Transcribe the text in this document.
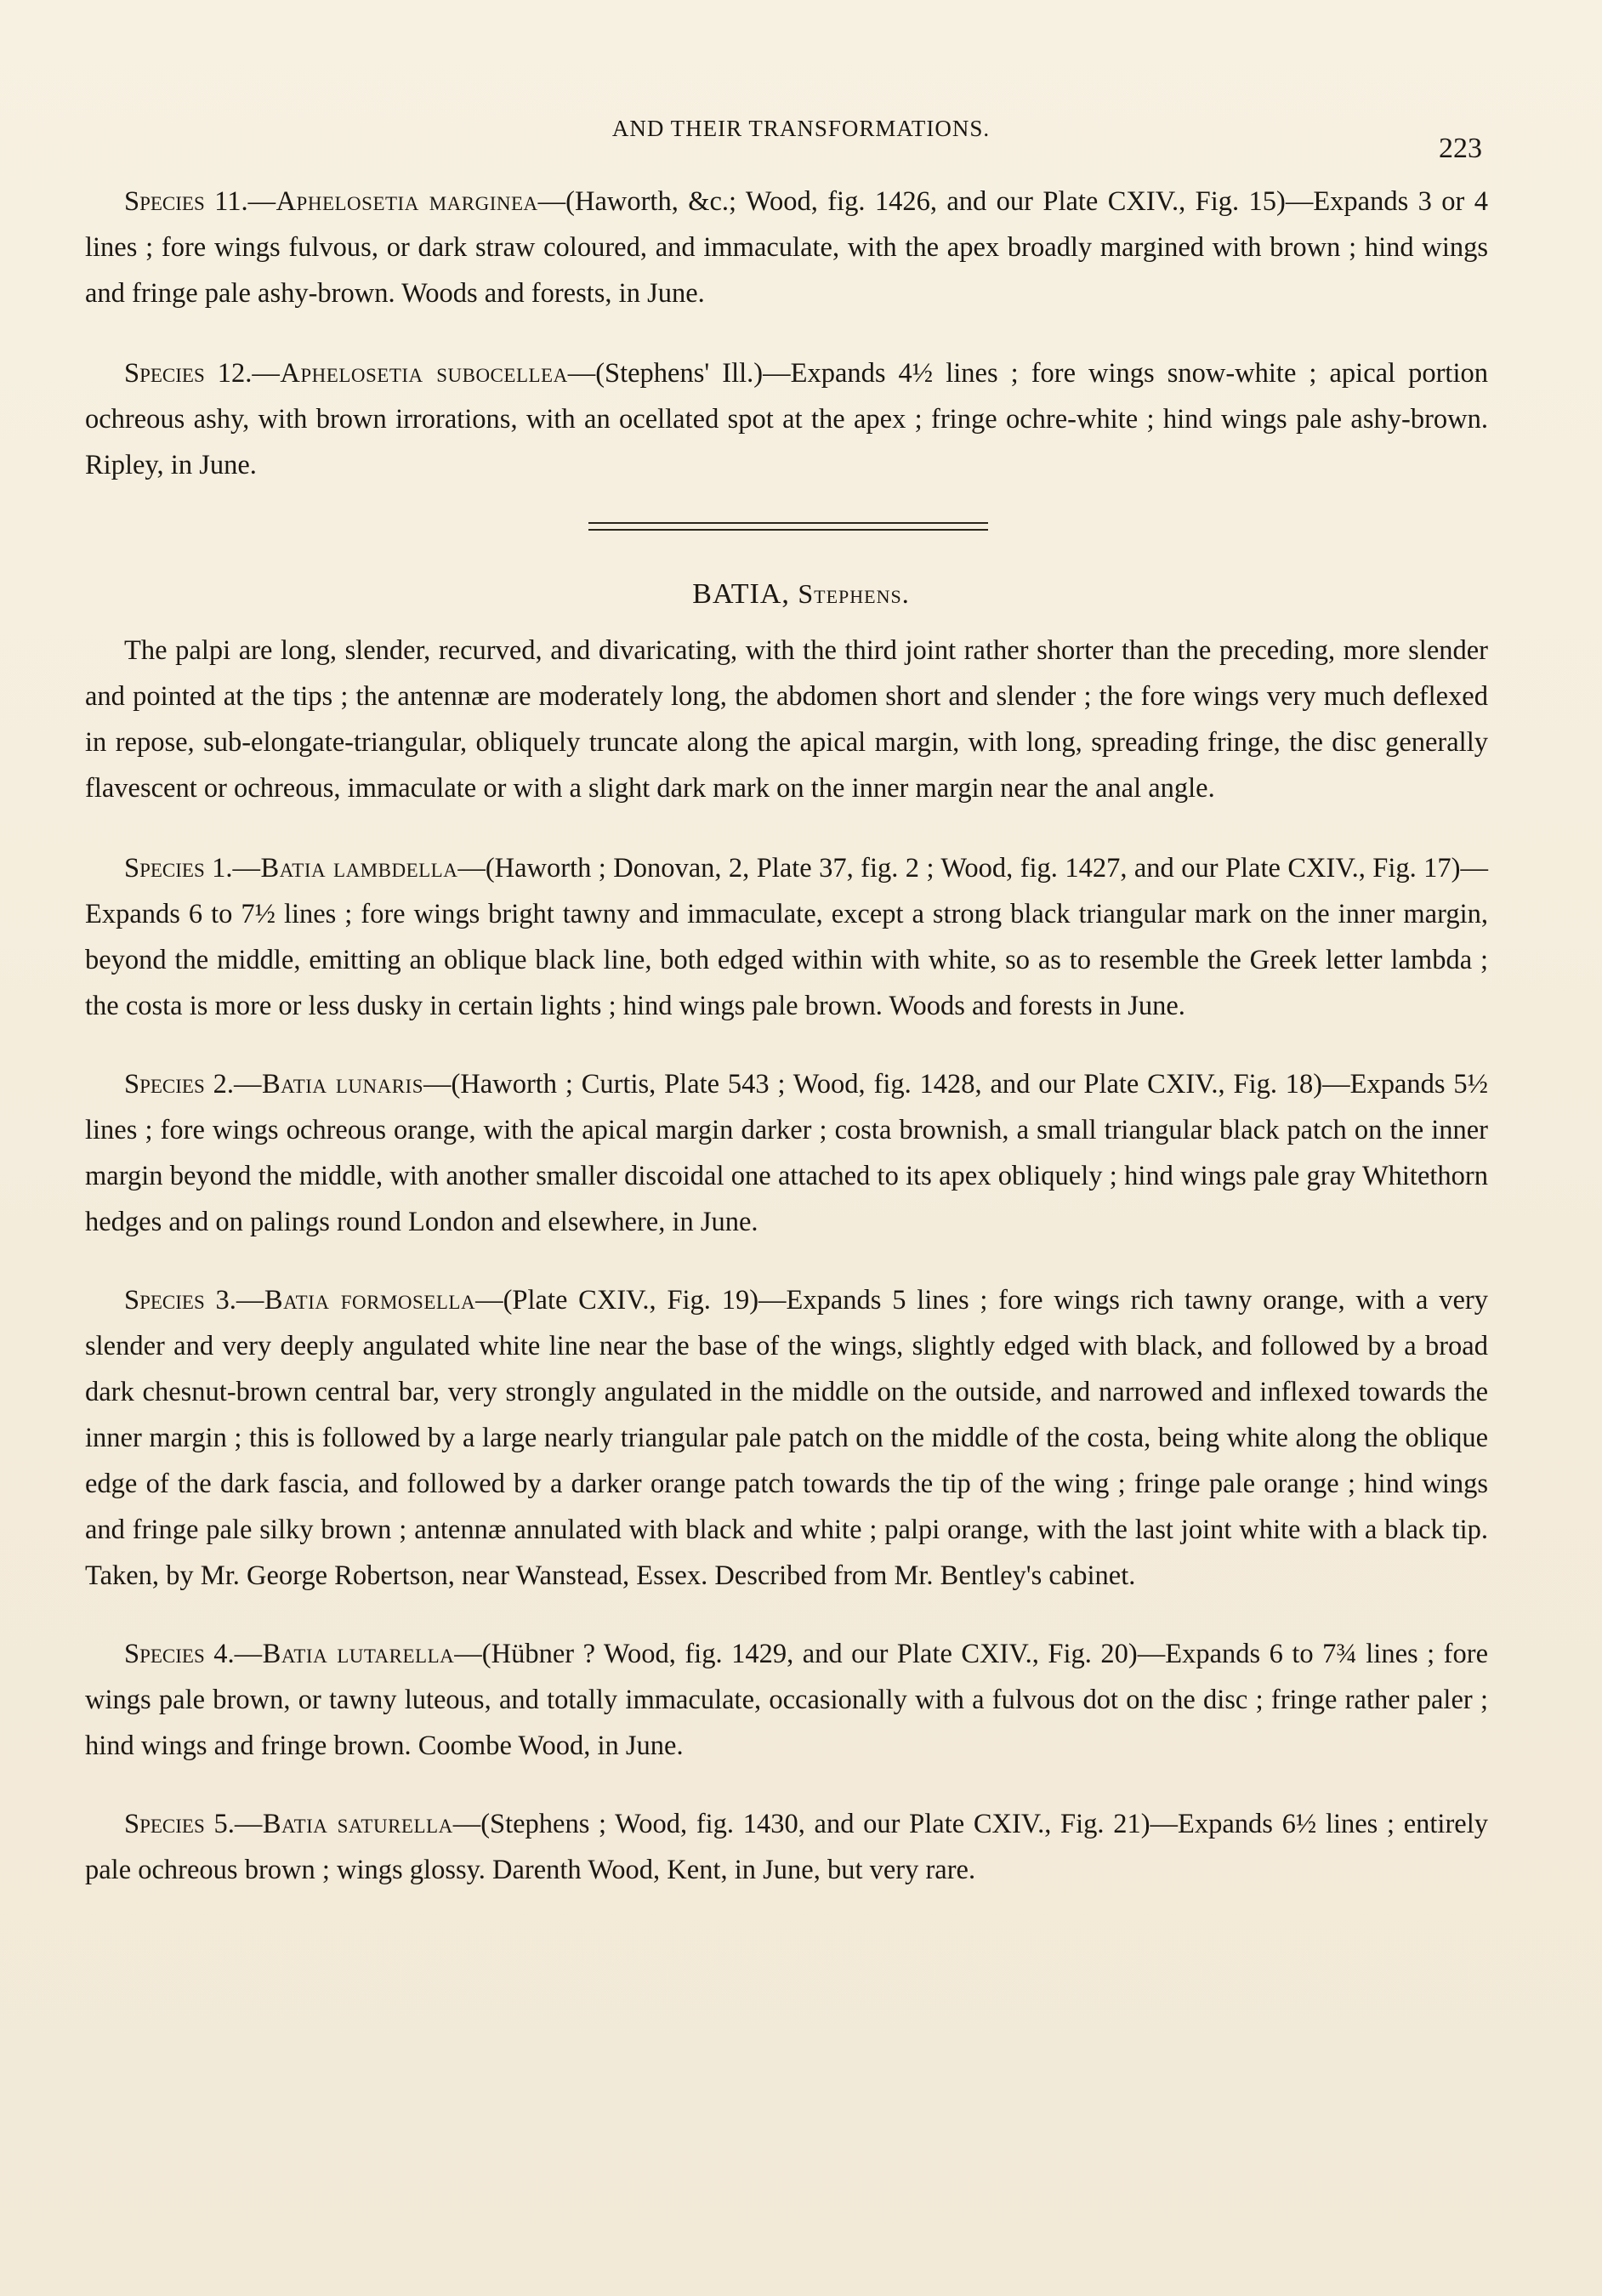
AND THEIR TRANSFORMATIONS.
223

Species 11.—Aphelosetia marginea—(Haworth, &c.; Wood, fig. 1426, and our Plate CXIV., Fig. 15)—Expands 3 or 4 lines ; fore wings fulvous, or dark straw coloured, and immaculate, with the apex broadly margined with brown ; hind wings and fringe pale ashy-brown. Woods and forests, in June.

Species 12.—Aphelosetia subocellea—(Stephens' Ill.)—Expands 4½ lines ; fore wings snow-white ; apical portion ochreous ashy, with brown irrorations, with an ocellated spot at the apex ; fringe ochre-white ; hind wings pale ashy-brown. Ripley, in June.

BATIA, Stephens.

The palpi are long, slender, recurved, and divaricating, with the third joint rather shorter than the preceding, more slender and pointed at the tips ; the antennæ are moderately long, the abdomen short and slender ; the fore wings very much deflexed in repose, sub-elongate-triangular, obliquely truncate along the apical margin, with long, spreading fringe, the disc generally flavescent or ochreous, immaculate or with a slight dark mark on the inner margin near the anal angle.

Species 1.—Batia lambdella—(Haworth ; Donovan, 2, Plate 37, fig. 2 ; Wood, fig. 1427, and our Plate CXIV., Fig. 17)—Expands 6 to 7½ lines ; fore wings bright tawny and immaculate, except a strong black triangular mark on the inner margin, beyond the middle, emitting an oblique black line, both edged within with white, so as to resemble the Greek letter lambda ; the costa is more or less dusky in certain lights ; hind wings pale brown. Woods and forests in June.

Species 2.—Batia lunaris—(Haworth ; Curtis, Plate 543 ; Wood, fig. 1428, and our Plate CXIV., Fig. 18)—Expands 5½ lines ; fore wings ochreous orange, with the apical margin darker ; costa brownish, a small triangular black patch on the inner margin beyond the middle, with another smaller discoidal one attached to its apex obliquely ; hind wings pale gray Whitethorn hedges and on palings round London and elsewhere, in June.

Species 3.—Batia formosella—(Plate CXIV., Fig. 19)—Expands 5 lines ; fore wings rich tawny orange, with a very slender and very deeply angulated white line near the base of the wings, slightly edged with black, and followed by a broad dark chesnut-brown central bar, very strongly angulated in the middle on the outside, and narrowed and inflexed towards the inner margin ; this is followed by a large nearly triangular pale patch on the middle of the costa, being white along the oblique edge of the dark fascia, and followed by a darker orange patch towards the tip of the wing ; fringe pale orange ; hind wings and fringe pale silky brown ; antennæ annulated with black and white ; palpi orange, with the last joint white with a black tip. Taken, by Mr. George Robertson, near Wanstead, Essex. Described from Mr. Bentley's cabinet.

Species 4.—Batia lutarella—(Hübner ? Wood, fig. 1429, and our Plate CXIV., Fig. 20)—Expands 6 to 7¾ lines ; fore wings pale brown, or tawny luteous, and totally immaculate, occasionally with a fulvous dot on the disc ; fringe rather paler ; hind wings and fringe brown. Coombe Wood, in June.

Species 5.—Batia saturella—(Stephens ; Wood, fig. 1430, and our Plate CXIV., Fig. 21)—Expands 6½ lines ; entirely pale ochreous brown ; wings glossy. Darenth Wood, Kent, in June, but very rare.
